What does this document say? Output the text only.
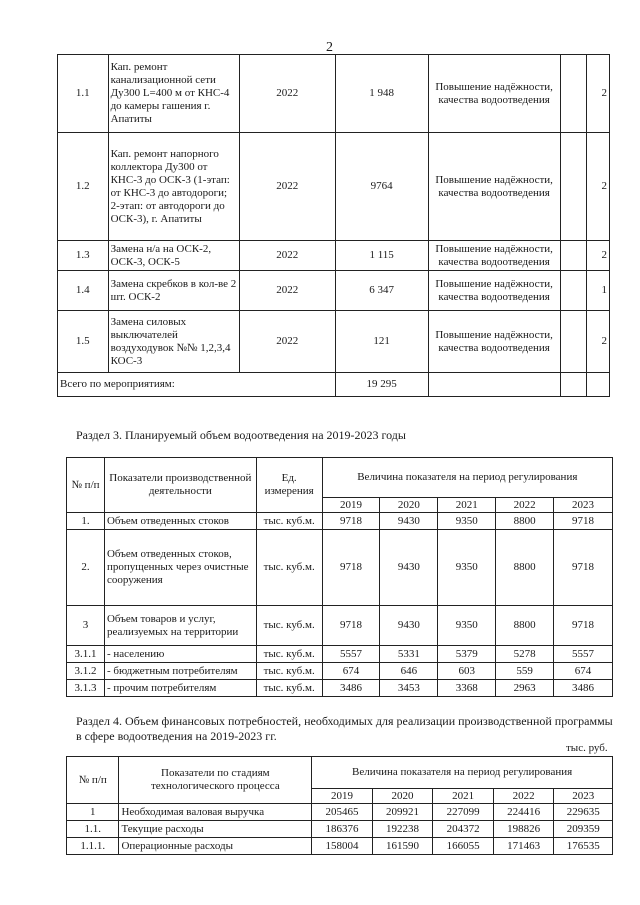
2
1.1	Кап. ремонт канализационной сети Ду300 L=400 м от КНС-4 до камеры гашения г. Апатиты	2022	1 948	Повышение надёжности, качества водоотведения		2
1.2	Кап. ремонт напорного коллектора Ду300 от КНС-3 до ОСК-3 (1-этап: от КНС-3 до автодороги; 2-этап: от автодороги до ОСК-3), г. Апатиты	2022	9764	Повышение надёжности, качества водоотведения		2
1.3	Замена н/а на ОСК-2, ОСК-3, ОСК-5	2022	1 115	Повышение надёжности, качества водоотведения		2
1.4	Замена скребков в кол-ве 2 шт. ОСК-2	2022	6 347	Повышение надёжности, качества водоотведения		1
1.5	Замена силовых выключателей воздуходувок №№ 1,2,3,4 КОС-3	2022	121	Повышение надёжности, качества водоотведения		2
Всего по мероприятиям:			19 295			
Раздел 3. Планируемый объем водоотведения на 2019-2023 годы
№ п/п	Показатели производственной деятельности	Ед. измерения	Величина показателя на период регулирования				
			2019	2020	2021	2022	2023
1.	Объем отведенных стоков	тыс. куб.м.	9718	9430	9350	8800	9718
2.	Объем отведенных стоков, пропущенных через очистные сооружения	тыс. куб.м.	9718	9430	9350	8800	9718
3	Объем товаров и услуг, реализуемых на территории	тыс. куб.м.	9718	9430	9350	8800	9718
3.1.1	- населению	тыс. куб.м.	5557	5331	5379	5278	5557
3.1.2	- бюджетным потребителям	тыс. куб.м.	674	646	603	559	674
3.1.3	- прочим потребителям	тыс. куб.м.	3486	3453	3368	2963	3486
Раздел 4. Объем финансовых потребностей, необходимых для реализации производственной программы в сфере водоотведения на 2019-2023 гг.
тыс. руб.
№ п/п	Показатели по стадиям технологического процесса	Величина показателя на период регулирования				
		2019	2020	2021	2022	2023
1	Необходимая валовая выручка	205465	209921	227099	224416	229635
1.1.	Текущие расходы	186376	192238	204372	198826	209359
1.1.1.	Операционные расходы	158004	161590	166055	171463	176535
